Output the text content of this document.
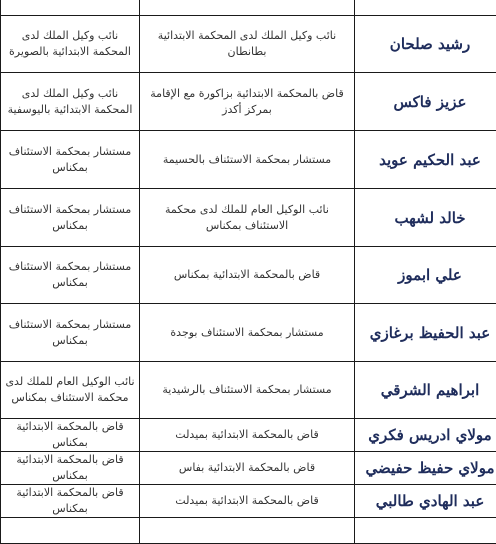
رشيد صلحان	نائب وكيل الملك لدى المحكمة الابتدائية بطانطان	نائب وكيل الملك لدى المحكمة الابتدائية بالصويرة

عزيز فاكس	قاض بالمحكمة الابتدائية بزاكورة مع الإقامة بمركز أكدز	نائب وكيل الملك لدى المحكمة الابتدائية باليوسفية

عبد الحكيم عويد	مستشار بمحكمة الاستئناف بالحسيمة	مستشار بمحكمة الاستئناف بمكناس

خالد لشهب	نائب الوكيل العام للملك لدى محكمة الاستئناف بمكناس	مستشار بمحكمة الاستئناف بمكناس

علي ابموز	قاض بالمحكمة الابتدائية بمكناس	مستشار بمحكمة الاستئناف بمكناس

عبد الحفيظ برغازي	مستشار بمحكمة الاستئناف بوجدة	مستشار بمحكمة الاستئناف بمكناس

ابراهيم الشرقي	مستشار بمحكمة الاستئناف بالرشيدية	نائب الوكيل العام للملك لدى محكمة الاستئناف بمكناس

مولاي ادريس فكري	قاض بالمحكمة الابتدائية بميدلت	قاض بالمحكمة الابتدائية بمكناس

مولاي حفيظ حفيضي	قاض بالمحكمة الابتدائية بفاس	قاض بالمحكمة الابتدائية بمكناس

عبد الهادي طالبي	قاض بالمحكمة الابتدائية بميدلت	قاض بالمحكمة الابتدائية بمكناس
